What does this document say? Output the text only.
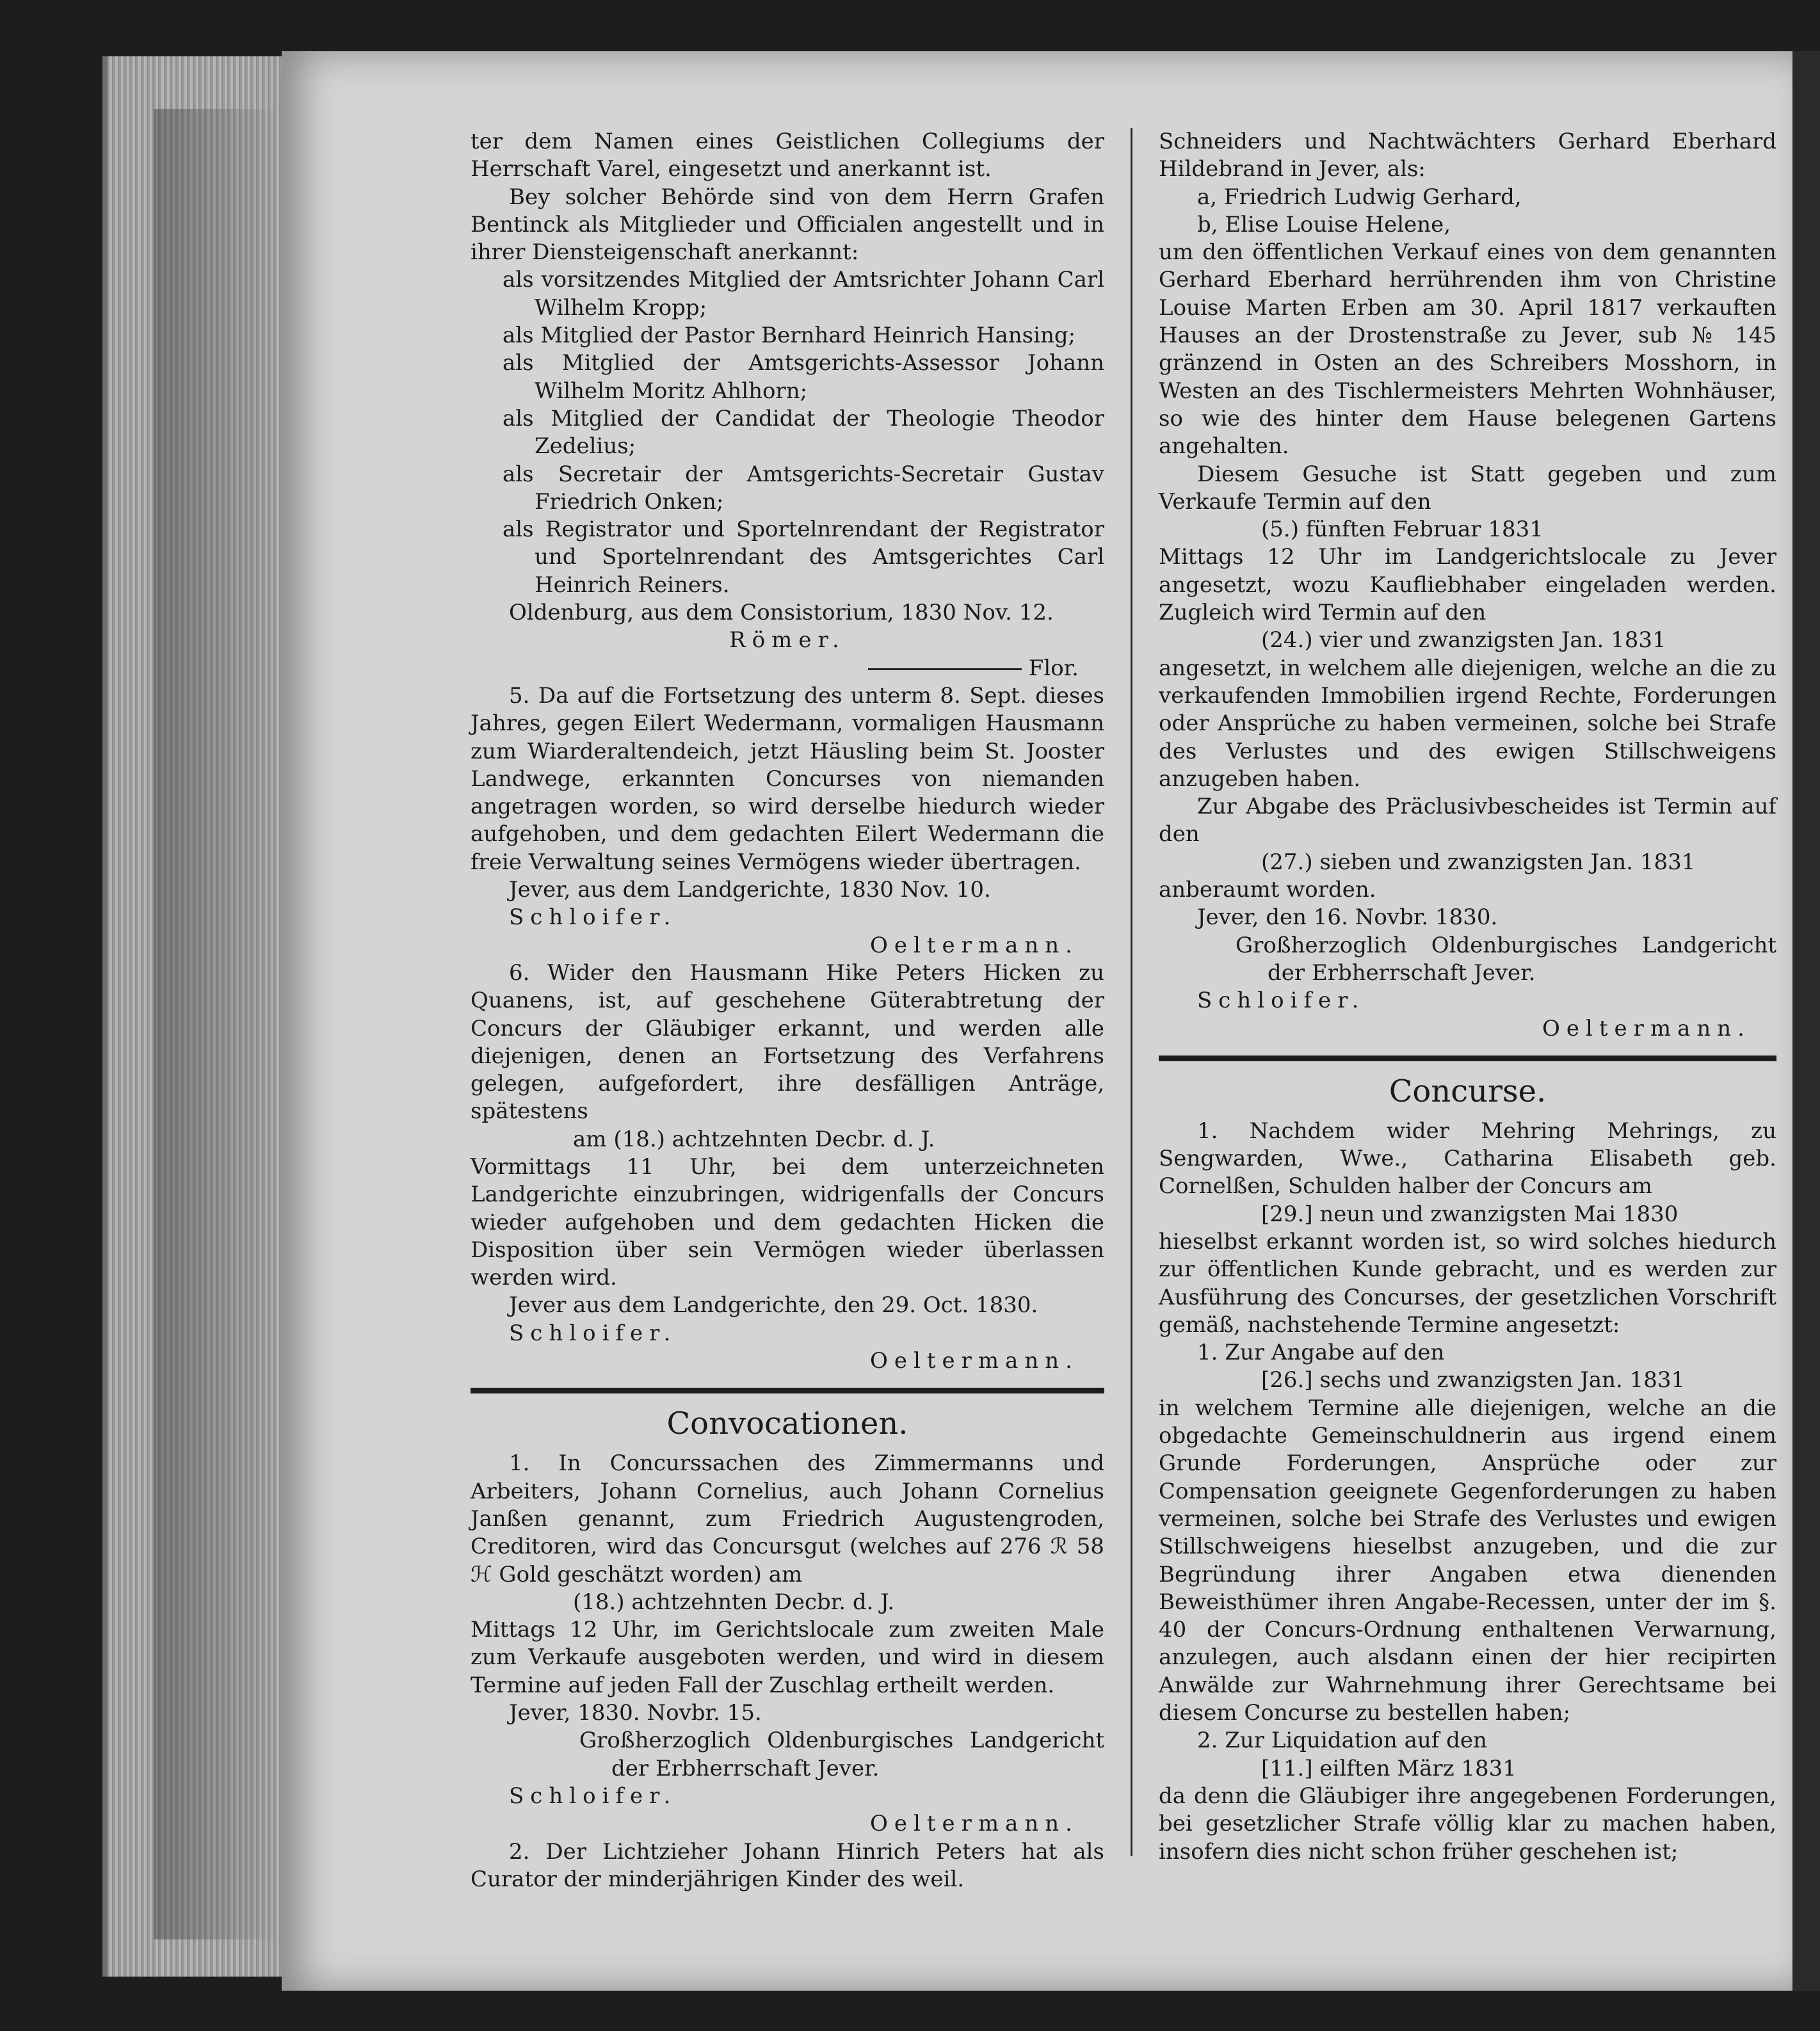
ter dem Namen eines Geistlichen Collegiums der Herrschaft Varel, eingesetzt und anerkannt ist.

Bey solcher Behörde sind von dem Herrn Grafen Bentinck als Mitglieder und Officialen angestellt und in ihrer Diensteigenschaft anerkannt:

als vorsitzendes Mitglied der Amtsrichter Johann Carl Wilhelm Kropp;

als Mitglied der Pastor Bernhard Heinrich Hansing;

als Mitglied der Amtsgerichts-Assessor Johann Wilhelm Moritz Ahlhorn;

als Mitglied der Candidat der Theologie Theodor Zedelius;

als Secretair der Amtsgerichts-Secretair Gustav Friedrich Onken;

als Registrator und Sportelnrendant der Registrator und Sportelnrendant des Amtsgerichtes Carl Heinrich Reiners.

Oldenburg, aus dem Consistorium, 1830 Nov. 12.

Römer.

Flor.

5. Da auf die Fortsetzung des unterm 8. Sept. dieses Jahres, gegen Eilert Wedermann, vormaligen Hausmann zum Wiarderaltendeich, jetzt Häusling beim St. Jooster Landwege, erkannten Concurses von niemanden angetragen worden, so wird derselbe hiedurch wieder aufgehoben, und dem gedachten Eilert Wedermann die freie Verwaltung seines Vermögens wieder übertragen.

Jever, aus dem Landgerichte, 1830 Nov. 10.

Schloifer.

Oeltermann.

6. Wider den Hausmann Hike Peters Hicken zu Quanens, ist, auf geschehene Güterabtretung der Concurs der Gläubiger erkannt, und werden alle diejenigen, denen an Fortsetzung des Verfahrens gelegen, aufgefordert, ihre desfälligen Anträge, spätestens

am (18.) achtzehnten Decbr. d. J.

Vormittags 11 Uhr, bei dem unterzeichneten Landgerichte einzubringen, widrigenfalls der Concurs wieder aufgehoben und dem gedachten Hicken die Disposition über sein Vermögen wieder überlassen werden wird.

Jever aus dem Landgerichte, den 29. Oct. 1830.

Schloifer.

Oeltermann.

Convocationen.

1. In Concurssachen des Zimmermanns und Arbeiters, Johann Cornelius, auch Johann Cornelius Janßen genannt, zum Friedrich Augustengroden, Creditoren, wird das Concursgut (welches auf 276 ℛ 58 ℋ Gold geschätzt worden) am

(18.) achtzehnten Decbr. d. J.

Mittags 12 Uhr, im Gerichtslocale zum zweiten Male zum Verkaufe ausgeboten werden, und wird in diesem Termine auf jeden Fall der Zuschlag ertheilt werden.

Jever, 1830. Novbr. 15.

Großherzoglich Oldenburgisches Landgericht der Erbherrschaft Jever.

Schloifer.

Oeltermann.

2. Der Lichtzieher Johann Hinrich Peters hat als Curator der minderjährigen Kinder des weil.

Schneiders und Nachtwächters Gerhard Eberhard Hildebrand in Jever, als:

a, Friedrich Ludwig Gerhard,

b, Elise Louise Helene,

um den öffentlichen Verkauf eines von dem genannten Gerhard Eberhard herrührenden ihm von Christine Louise Marten Erben am 30. April 1817 verkauften Hauses an der Drostenstraße zu Jever, sub № 145 gränzend in Osten an des Schreibers Mosshorn, in Westen an des Tischlermeisters Mehrten Wohnhäuser, so wie des hinter dem Hause belegenen Gartens angehalten.

Diesem Gesuche ist Statt gegeben und zum Verkaufe Termin auf den

(5.) fünften Februar 1831

Mittags 12 Uhr im Landgerichtslocale zu Jever angesetzt, wozu Kaufliebhaber eingeladen werden. Zugleich wird Termin auf den

(24.) vier und zwanzigsten Jan. 1831

angesetzt, in welchem alle diejenigen, welche an die zu verkaufenden Immobilien irgend Rechte, Forderungen oder Ansprüche zu haben vermeinen, solche bei Strafe des Verlustes und des ewigen Stillschweigens anzugeben haben.

Zur Abgabe des Präclusivbescheides ist Termin auf den

(27.) sieben und zwanzigsten Jan. 1831

anberaumt worden.

Jever, den 16. Novbr. 1830.

Großherzoglich Oldenburgisches Landgericht der Erbherrschaft Jever.

Schloifer.

Oeltermann.

Concurse.

1. Nachdem wider Mehring Mehrings, zu Sengwarden, Wwe., Catharina Elisabeth geb. Cornelßen, Schulden halber der Concurs am

[29.] neun und zwanzigsten Mai 1830

hieselbst erkannt worden ist, so wird solches hiedurch zur öffentlichen Kunde gebracht, und es werden zur Ausführung des Concurses, der gesetzlichen Vorschrift gemäß, nachstehende Termine angesetzt:

1. Zur Angabe auf den

[26.] sechs und zwanzigsten Jan. 1831

in welchem Termine alle diejenigen, welche an die obgedachte Gemeinschuldnerin aus irgend einem Grunde Forderungen, Ansprüche oder zur Compensation geeignete Gegenforderungen zu haben vermeinen, solche bei Strafe des Verlustes und ewigen Stillschweigens hieselbst anzugeben, und die zur Begründung ihrer Angaben etwa dienenden Beweisthümer ihren Angabe-Recessen, unter der im §. 40 der Concurs-Ordnung enthaltenen Verwarnung, anzulegen, auch alsdann einen der hier recipirten Anwälde zur Wahrnehmung ihrer Gerechtsame bei diesem Concurse zu bestellen haben;

2. Zur Liquidation auf den

[11.] eilften März 1831

da denn die Gläubiger ihre angegebenen Forderungen, bei gesetzlicher Strafe völlig klar zu machen haben, insofern dies nicht schon früher geschehen ist;
